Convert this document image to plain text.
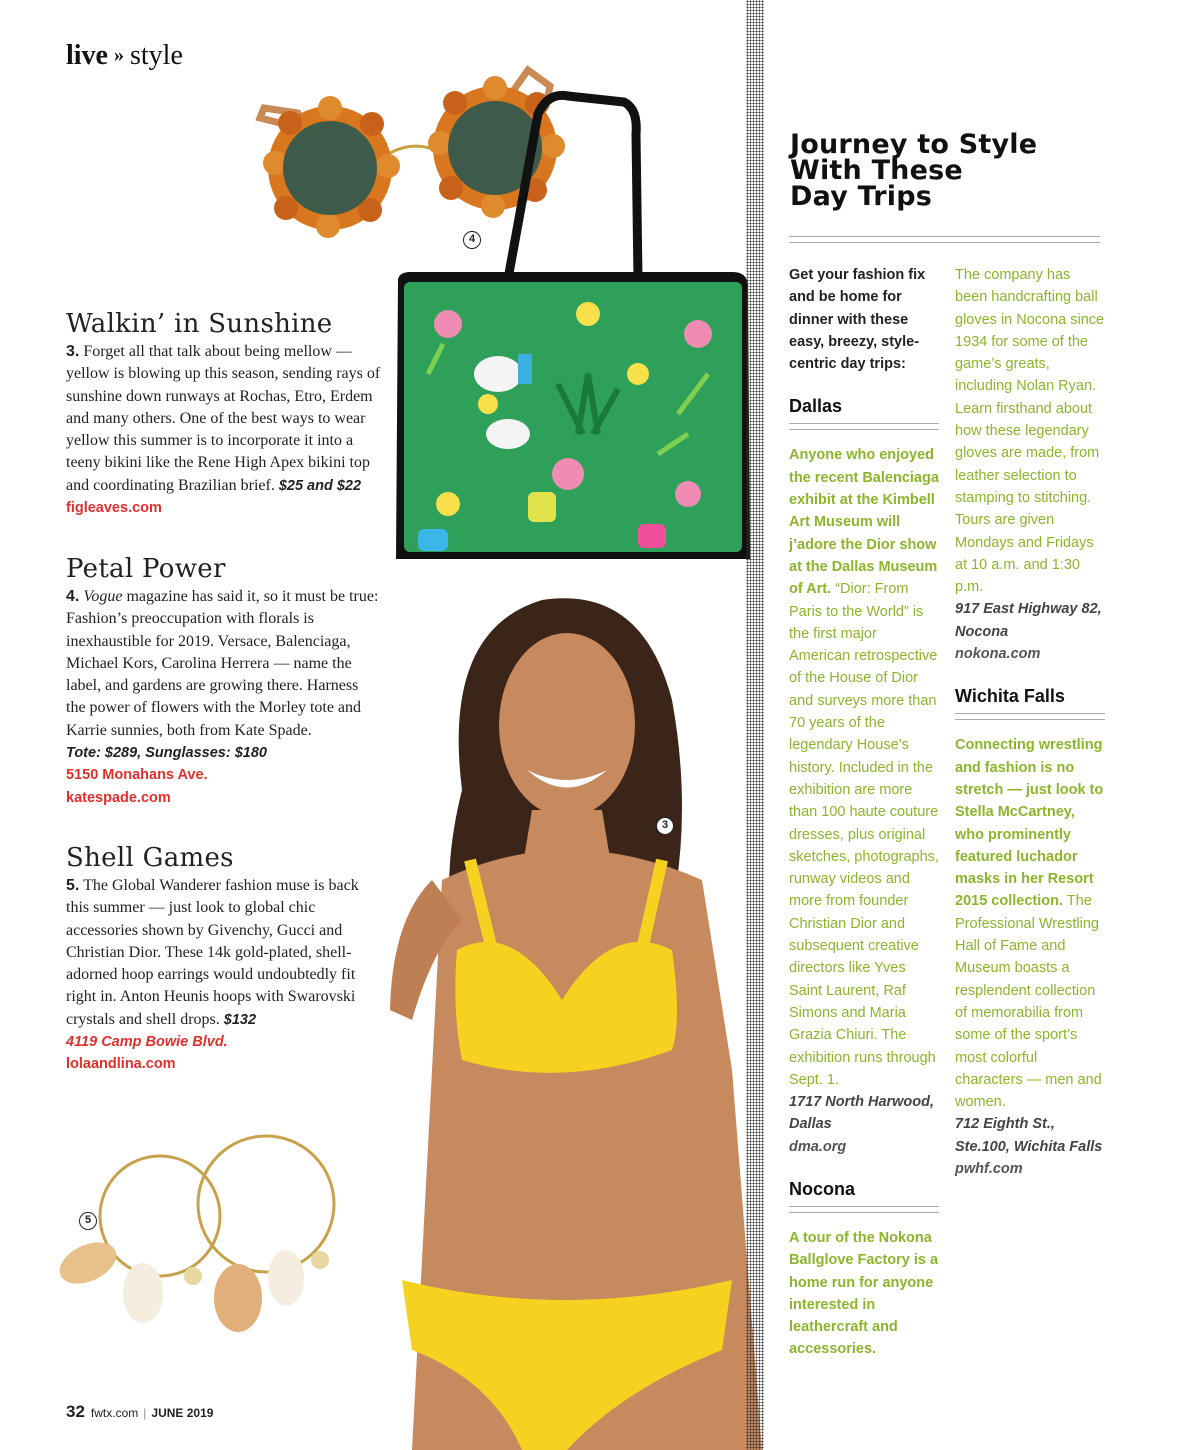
live » style
4
3
5
Walkin’ in Sunshine
3. Forget all that talk about being mellow — yellow is blowing up this season, sending rays of sunshine down runways at Rochas, Etro, Erdem and many others. One of the best ways to wear yellow this summer is to incorporate it into a teeny bikini like the Rene High Apex bikini top and coordinating Brazilian brief. $25 and $22
figleaves.com
Petal Power
4. Vogue magazine has said it, so it must be true: Fashion’s preoccupation with florals is inexhaustible for 2019. Versace, Balenciaga, Michael Kors, Carolina Herrera — name the label, and gardens are growing there. Harness the power of flowers with the Morley tote and Karrie sunnies, both from Kate Spade.
Tote: $289, Sunglasses: $180
5150 Monahans Ave.
katespade.com
Shell Games
5. The Global Wanderer fashion muse is back this summer — just look to global chic accessories shown by Givenchy, Gucci and Christian Dior. These 14k gold-plated, shell-adorned hoop earrings would undoubtedly fit right in. Anton Heunis hoops with Swarovski crystals and shell drops. $132
4119 Camp Bowie Blvd.
lolaandlina.com
Journey to Style
With These
Day Trips
Get your fashion fix and be home for dinner with these easy, breezy, style-centric day trips:
Dallas
Anyone who enjoyed the recent Balenciaga exhibit at the Kimbell Art Museum will j’adore the Dior show at the Dallas Museum of Art. “Dior: From Paris to the World” is the first major American retrospective of the House of Dior and surveys more than 70 years of the legendary House’s history. Included in the exhibition are more than 100 haute couture dresses, plus original sketches, photographs, runway videos and more from founder Christian Dior and subsequent creative directors like Yves Saint Laurent, Raf Simons and Maria Grazia Chiuri. The exhibition runs through Sept. 1.
1717 North Harwood, Dallas
dma.org
Nocona
A tour of the Nokona Ballglove Factory is a home run for anyone interested in leathercraft and accessories.
The company has been handcrafting ball gloves in Nocona since 1934 for some of the game’s greats, including Nolan Ryan. Learn firsthand about how these legendary gloves are made, from leather selection to stamping to stitching. Tours are given Mondays and Fridays at 10 a.m. and 1:30 p.m.
917 East Highway 82, Nocona
nokona.com
Wichita Falls
Connecting wrestling and fashion is no stretch — just look to Stella McCartney, who prominently featured luchador masks in her Resort 2015 collection. The Professional Wrestling Hall of Fame and Museum boasts a resplendent collection of memorabilia from some of the sport’s most colorful characters — men and women.
712 Eighth St., Ste.100, Wichita Falls
pwhf.com
32 fwtx.com | JUNE 2019
